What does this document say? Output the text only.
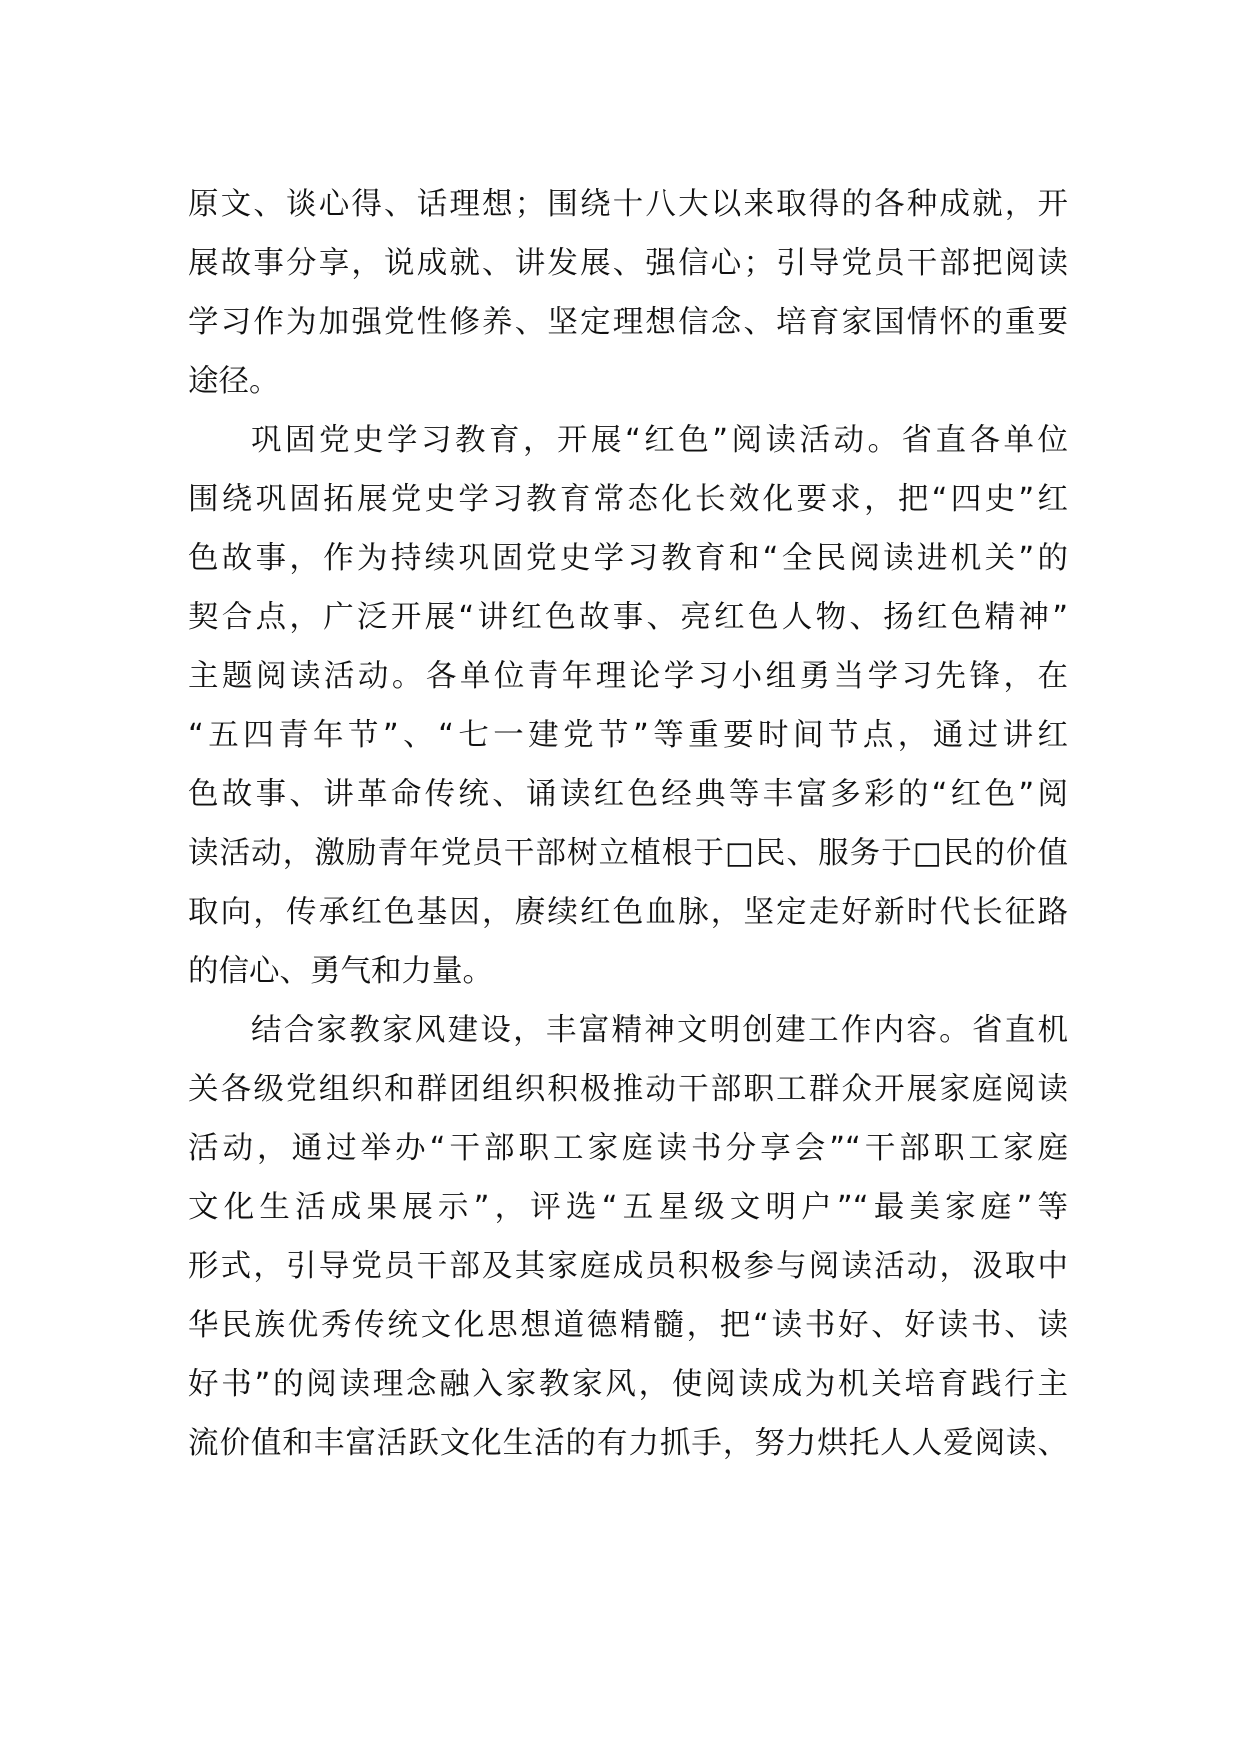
原文、谈心得、话理想；围绕十八大以来取得的各种成就，开
展故事分享，说成就、讲发展、强信心；引导党员干部把阅读
学习作为加强党性修养、坚定理想信念、培育家国情怀的重要
途径。
巩固党史学习教育，开展“红色”阅读活动。省直各单位
围绕巩固拓展党史学习教育常态化长效化要求，把“四史”红
色故事，作为持续巩固党史学习教育和“全民阅读进机关”的
契合点，广泛开展“讲红色故事、亮红色人物、扬红色精神”
主题阅读活动。各单位青年理论学习小组勇当学习先锋，在
“五四青年节”、“七一建党节”等重要时间节点，通过讲红
色故事、讲革命传统、诵读红色经典等丰富多彩的“红色”阅
读活动，激励青年党员干部树立植根于□民、服务于□民的价值
取向，传承红色基因，赓续红色血脉，坚定走好新时代长征路
的信心、勇气和力量。
结合家教家风建设，丰富精神文明创建工作内容。省直机
关各级党组织和群团组织积极推动干部职工群众开展家庭阅读
活动，通过举办“干部职工家庭读书分享会”“干部职工家庭
文化生活成果展示”，评选“五星级文明户”“最美家庭”等
形式，引导党员干部及其家庭成员积极参与阅读活动，汲取中
华民族优秀传统文化思想道德精髓，把“读书好、好读书、读
好书”的阅读理念融入家教家风，使阅读成为机关培育践行主
流价值和丰富活跃文化生活的有力抓手，努力烘托人人爱阅读、
